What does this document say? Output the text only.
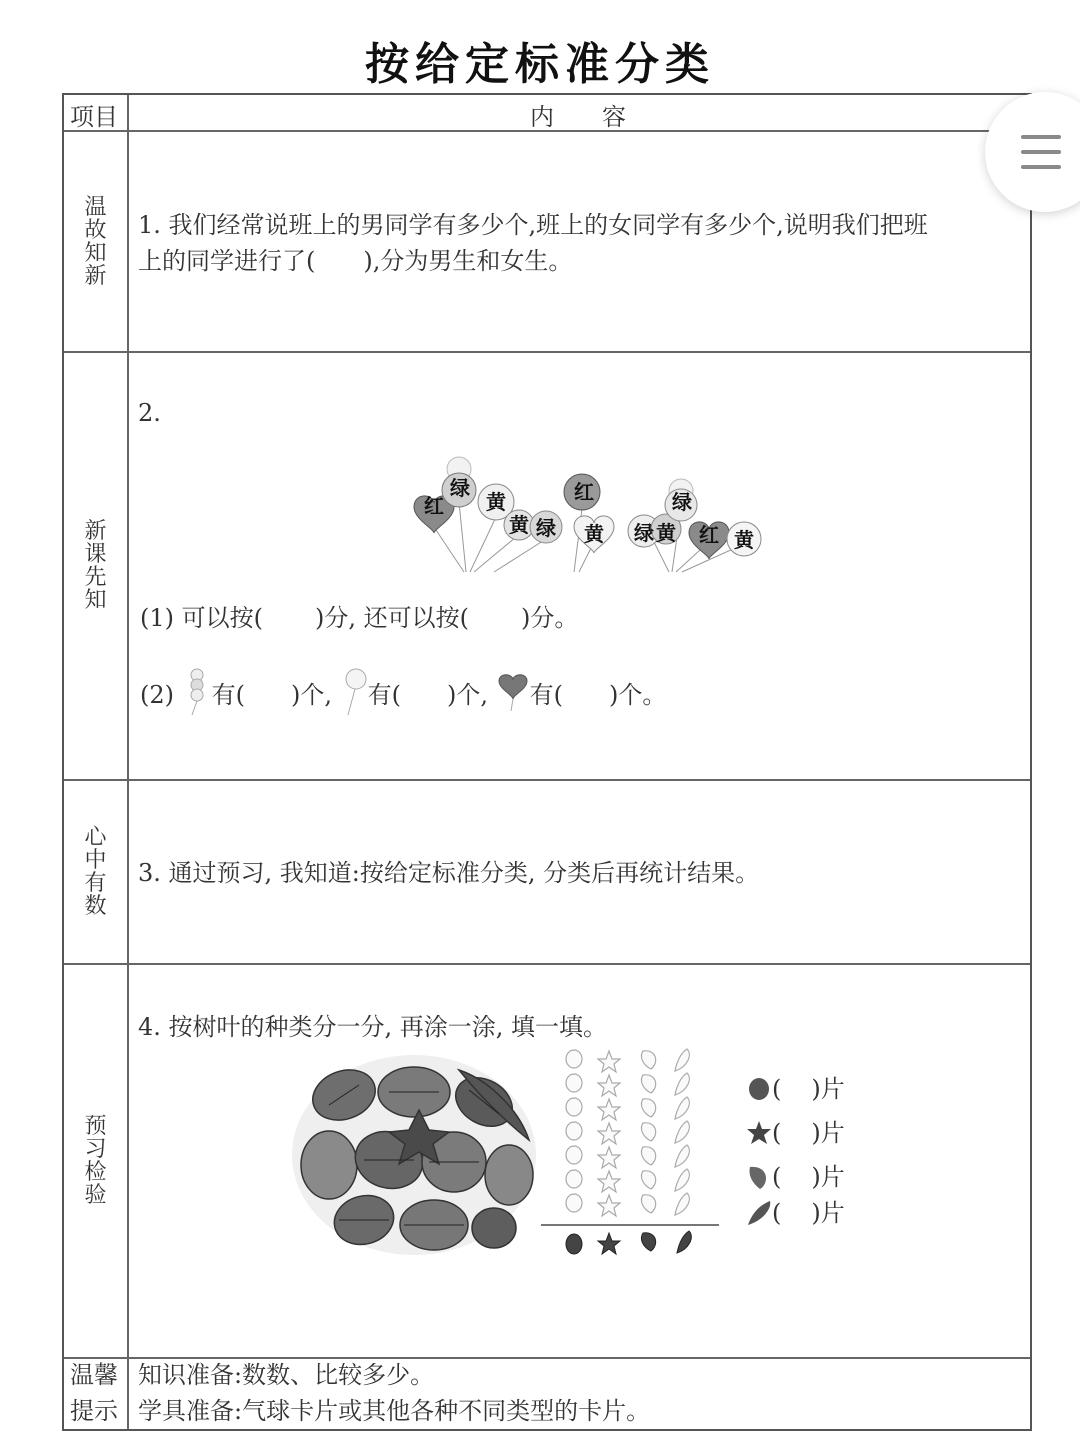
按给定标准分类
项目	内　　容
温故知新
1. 我们经常说班上的男同学有多少个,班上的女同学有多少个,说明我们把班
上的同学进行了(　　),分为男生和女生。
新课先知
2.
红
绿
黄
黄 绿
红
黄
绿
绿 黄 红 黄
(1) 可以按( )分, 还可以按( )分。
(2) 有( )个, 有( )个, 有( )个。
心中有数
3. 通过预习, 我知道:按给定标准分类, 分类后再统计结果。
预习检验
4. 按树叶的种类分一分, 再涂一涂, 填一填。
( )片
( )片
( )片
( )片
温馨
提示
知识准备:数数、比较多少。
学具准备:气球卡片或其他各种不同类型的卡片。
